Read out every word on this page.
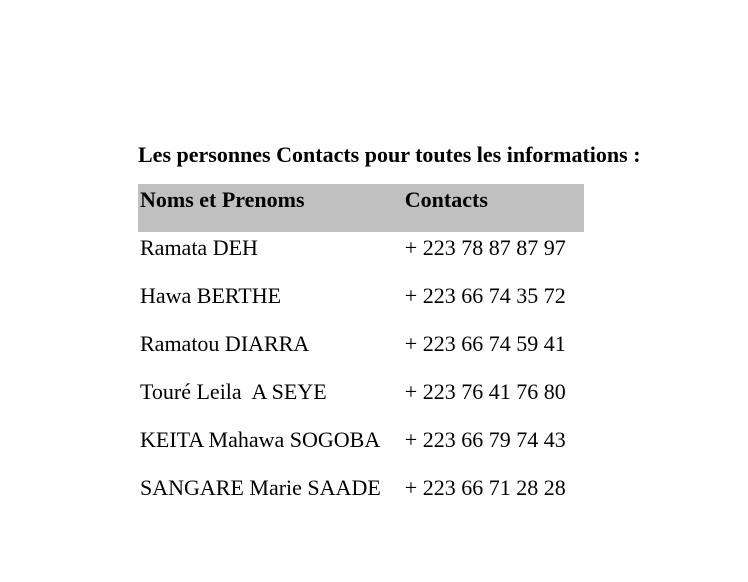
Les personnes Contacts pour toutes les informations :
Noms et Prenoms	Contacts
Ramata DEH	+ 223 78 87 87 97
Hawa BERTHE	+ 223 66 74 35 72
Ramatou DIARRA	+ 223 66 74 59 41
Touré Leila  A SEYE	+ 223 76 41 76 80
KEITA Mahawa SOGOBA	+ 223 66 79 74 43
SANGARE Marie SAADE	+ 223 66 71 28 28
